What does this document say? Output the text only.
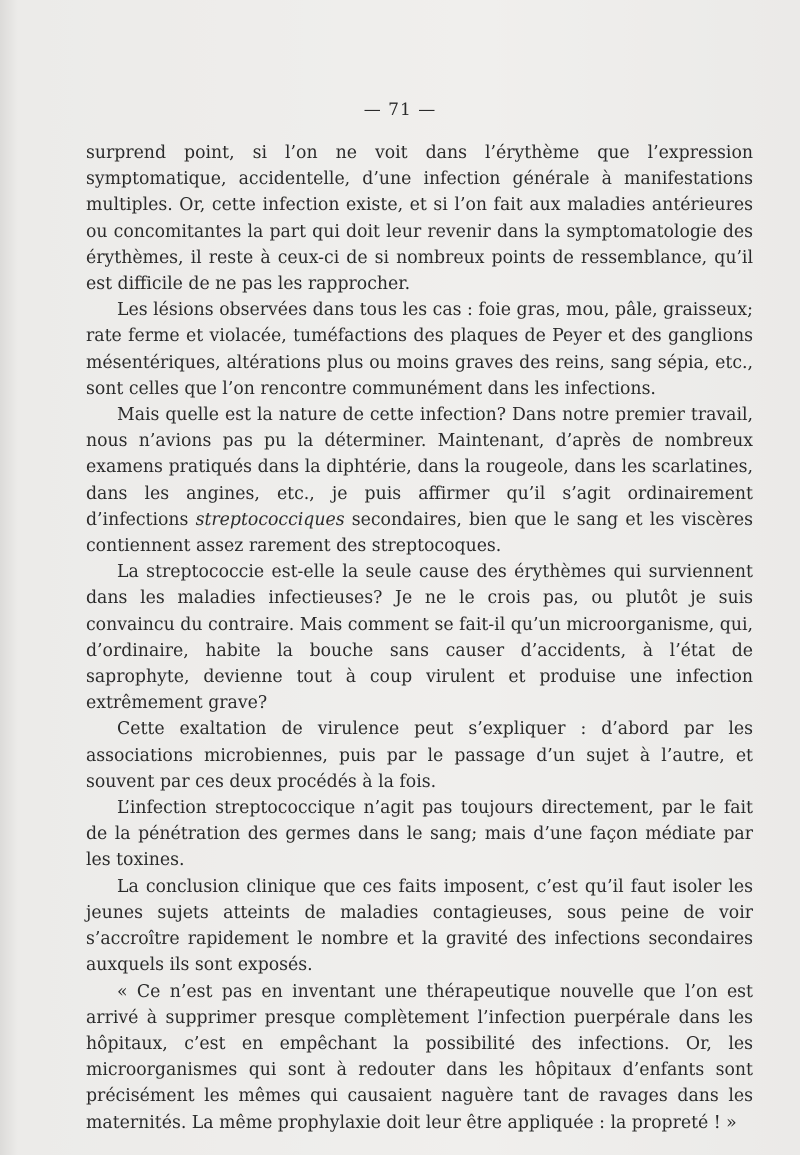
— 71 —

surprend point, si l’on ne voit dans l’érythème que l’expression symptomatique, accidentelle, d’une infection générale à manifestations multiples. Or, cette infection existe, et si l’on fait aux maladies antérieures ou concomitantes la part qui doit leur revenir dans la symptomatologie des érythèmes, il reste à ceux-ci de si nombreux points de ressemblance, qu’il est difficile de ne pas les rapprocher.

Les lésions observées dans tous les cas : foie gras, mou, pâle, graisseux; rate ferme et violacée, tuméfactions des plaques de Peyer et des ganglions mésentériques, altérations plus ou moins graves des reins, sang sépia, etc., sont celles que l’on rencontre communément dans les infections.

Mais quelle est la nature de cette infection? Dans notre premier travail, nous n’avions pas pu la déterminer. Maintenant, d’après de nombreux examens pratiqués dans la diphtérie, dans la rougeole, dans les scarlatines, dans les angines, etc., je puis affirmer qu’il s’agit ordinairement d’infections streptococciques secondaires, bien que le sang et les viscères contiennent assez rarement des streptocoques.

La streptococcie est-elle la seule cause des érythèmes qui surviennent dans les maladies infectieuses? Je ne le crois pas, ou plutôt je suis convaincu du contraire. Mais comment se fait-il qu’un microorganisme, qui, d’ordinaire, habite la bouche sans causer d’accidents, à l’état de saprophyte, devienne tout à coup virulent et produise une infection extrêmement grave?

Cette exaltation de virulence peut s’expliquer : d’abord par les associations microbiennes, puis par le passage d’un sujet à l’autre, et souvent par ces deux procédés à la fois.

L’infection streptococcique n’agit pas toujours directement, par le fait de la pénétration des germes dans le sang; mais d’une façon médiate par les toxines.

La conclusion clinique que ces faits imposent, c’est qu’il faut isoler les jeunes sujets atteints de maladies contagieuses, sous peine de voir s’accroître rapidement le nombre et la gravité des infections secondaires auxquels ils sont exposés.

« Ce n’est pas en inventant une thérapeutique nouvelle que l’on est arrivé à supprimer presque complètement l’infection puerpérale dans les hôpitaux, c’est en empêchant la possibilité des infections. Or, les microorganismes qui sont à redouter dans les hôpitaux d’enfants sont précisément les mêmes qui causaient naguère tant de ravages dans les maternités. La même prophylaxie doit leur être appliquée : la propreté ! »
